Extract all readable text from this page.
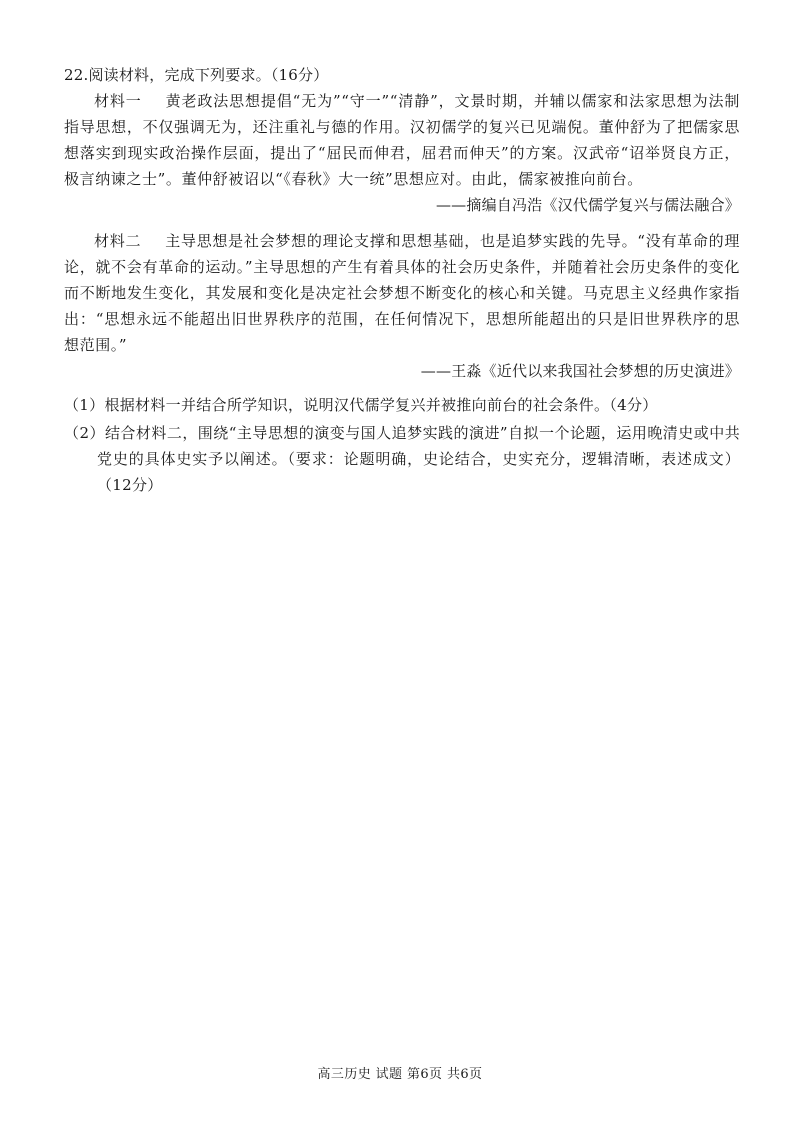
22.阅读材料，完成下列要求。（16分）

材料一 黄老政法思想提倡“无为”“守一”“清静”，文景时期，并辅以儒家和法家思想为法制指导思想，不仅强调无为，还注重礼与德的作用。汉初儒学的复兴已见端倪。董仲舒为了把儒家思想落实到现实政治操作层面，提出了“屈民而伸君，屈君而伸天”的方案。汉武帝“诏举贤良方正，极言纳谏之士”。董仲舒被诏以“《春秋》大一统”思想应对。由此，儒家被推向前台。

——摘编自冯浩《汉代儒学复兴与儒法融合》

材料二 主导思想是社会梦想的理论支撑和思想基础，也是追梦实践的先导。“没有革命的理论，就不会有革命的运动。”主导思想的产生有着具体的社会历史条件，并随着社会历史条件的变化而不断地发生变化，其发展和变化是决定社会梦想不断变化的核心和关键。马克思主义经典作家指出：“思想永远不能超出旧世界秩序的范围，在任何情况下，思想所能超出的只是旧世界秩序的思想范围。”

——王淼《近代以来我国社会梦想的历史演进》

（1）根据材料一并结合所学知识，说明汉代儒学复兴并被推向前台的社会条件。（4分）

（2）结合材料二，围绕“主导思想的演变与国人追梦实践的演进”自拟一个论题，运用晚清史或中共党史的具体史实予以阐述。（要求：论题明确，史论结合，史实充分，逻辑清晰，表述成文）（12分）

高三历史 试题 第6页 共6页
